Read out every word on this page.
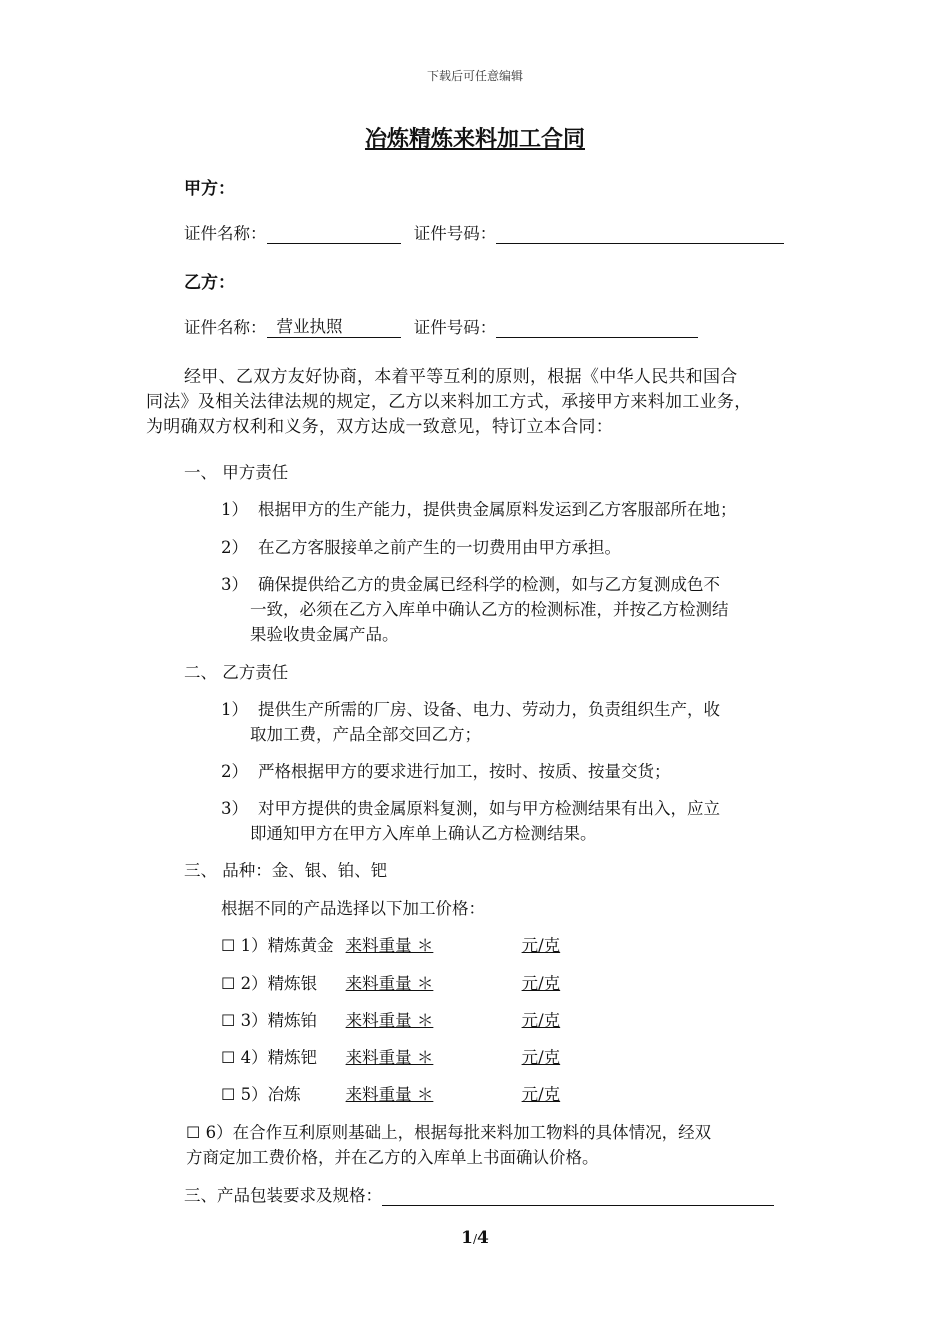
下载后可任意编辑
冶炼精炼来料加工合同
甲方：
证件名称：	证件号码：
乙方：
证件名称： 营业执照	证件号码：
经甲、乙双方友好协商，本着平等互利的原则，根据《中华人民共和国合
同法》及相关法律法规的规定，乙方以来料加工方式，承接甲方来料加工业务，
为明确双方权利和义务，双方达成一致意见，特订立本合同：
一、 甲方责任
1） 根据甲方的生产能力，提供贵金属原料发运到乙方客服部所在地；
2） 在乙方客服接单之前产生的一切费用由甲方承担。
3） 确保提供给乙方的贵金属已经科学的检测，如与乙方复测成色不
一致，必须在乙方入库单中确认乙方的检测标准，并按乙方检测结
果验收贵金属产品。
二、 乙方责任
1） 提供生产所需的厂房、设备、电力、劳动力，负责组织生产，收
取加工费，产品全部交回乙方；
2） 严格根据甲方的要求进行加工，按时、按质、按量交货；
3） 对甲方提供的贵金属原料复测，如与甲方检测结果有出入，应立
即通知甲方在甲方入库单上确认乙方检测结果。
三、 品种：金、银、铂、钯
根据不同的产品选择以下加工价格：
☐ 1）精炼黄金 来料重量 ＊	元/克
☐ 2）精炼银 来料重量 ＊	元/克
☐ 3）精炼铂 来料重量 ＊	元/克
☐ 4）精炼钯 来料重量 ＊	元/克
☐ 5）冶炼	来料重量 ＊	元/克
☐ 6）在合作互利原则基础上，根据每批来料加工物料的具体情况，经双
方商定加工费价格，并在乙方的入库单上书面确认价格。
三、产品包装要求及规格：
1/4
